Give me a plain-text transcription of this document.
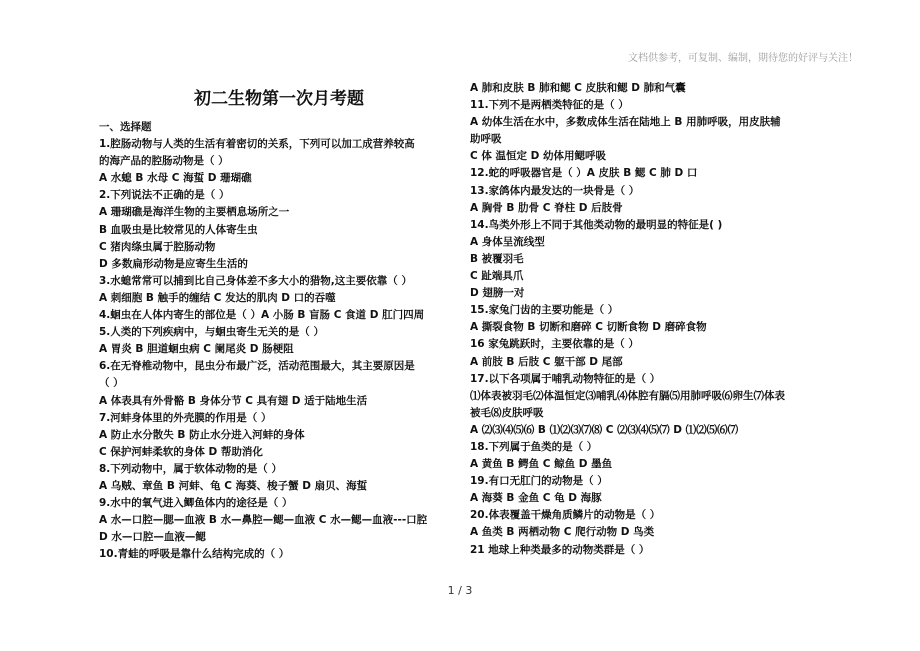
文档供参考，可复制、编制，期待您的好评与关注！
初二生物第一次月考题
一、选择题
1.腔肠动物与人类的生活有着密切的关系，下列可以加工成营养较高
的海产品的腔肠动物是（ ）
A 水螅 B 水母 C 海蜇 D 珊瑚礁
2.下列说法不正确的是（ ）
A 珊瑚礁是海洋生物的主要栖息场所之一
B 血吸虫是比较常见的人体寄生虫
C 猪肉绦虫属于腔肠动物
D 多数扁形动物是应寄生生活的
3.水螅常常可以捕到比自己身体差不多大小的猎物,这主要依靠（ ）
A 刺细胞 B 触手的缠结 C 发达的肌肉 D 口的吞噬
4.蛔虫在人体内寄生的部位是（ ）A 小肠 B 盲肠 C 食道 D 肛门四周
5.人类的下列疾病中，与蛔虫寄生无关的是（ ）
A 胃炎 B 胆道蛔虫病 C 阑尾炎 D 肠梗阻
6.在无脊椎动物中，昆虫分布最广泛，活动范围最大，其主要原因是
（ ）
A 体表具有外骨骼 B 身体分节 C 具有翅 D 适于陆地生活
7.河蚌身体里的外壳膜的作用是（ ）
A 防止水分散失 B 防止水分进入河蚌的身体
C 保护河蚌柔软的身体 D 帮助消化
8.下列动物中，属于软体动物的是（ ）
A 乌贼、章鱼 B 河蚌、龟 C 海葵、梭子蟹 D 扇贝、海蜇
9.水中的氧气进入鲫鱼体内的途径是（ ）
A 水—口腔—腮—血液 B 水—鼻腔—鳃—血液 C 水—鳃—血液---口腔
D 水—口腔—血液—鳃
10.青蛙的呼吸是靠什么结构完成的（ ）
A 肺和皮肤 B 肺和鳃 C 皮肤和鳃 D 肺和气囊
11.下列不是两栖类特征的是（ ）
A 幼体生活在水中，多数成体生活在陆地上 B 用肺呼吸，用皮肤辅
助呼吸
C 体 温恒定 D 幼体用鳃呼吸
12.蛇的呼吸器官是（ ）A 皮肤 B 鳃 C 肺 D 口
13.家鸽体内最发达的一块骨是（ ）
A 胸骨 B 肋骨 C 脊柱 D 后肢骨
14.鸟类外形上不同于其他类动物的最明显的特征是( )
A 身体呈流线型
B 被覆羽毛
C 趾端具爪
D 翅膀一对
15.家兔门齿的主要功能是（ ）
A 撕裂食物 B 切断和磨碎 C 切断食物 D 磨碎食物
16 家兔跳跃时，主要依靠的是（ ）
A 前肢 B 后肢 C 躯干部 D 尾部
17.以下各项属于哺乳动物特征的是（ ）
⑴体表被羽毛⑵体温恒定⑶哺乳⑷体腔有膈⑸用肺呼吸⑹卵生⑺体表
被毛⑻皮肤呼吸
A ⑵⑶⑷⑸⑹ B ⑴⑵⑶⑺⑻ C ⑵⑶⑷⑸⑺ D ⑴⑵⑸⑹⑺
18.下列属于鱼类的是（ ）
A 黄鱼 B 鳄鱼 C 鲸鱼 D 墨鱼
19.有口无肛门的动物是（ ）
A 海葵 B 金鱼 C 龟 D 海豚
20.体表覆盖干燥角质鳞片的动物是（ ）
A 鱼类 B 两栖动物 C 爬行动物 D 鸟类
21 地球上种类最多的动物类群是（ ）
1 / 3
